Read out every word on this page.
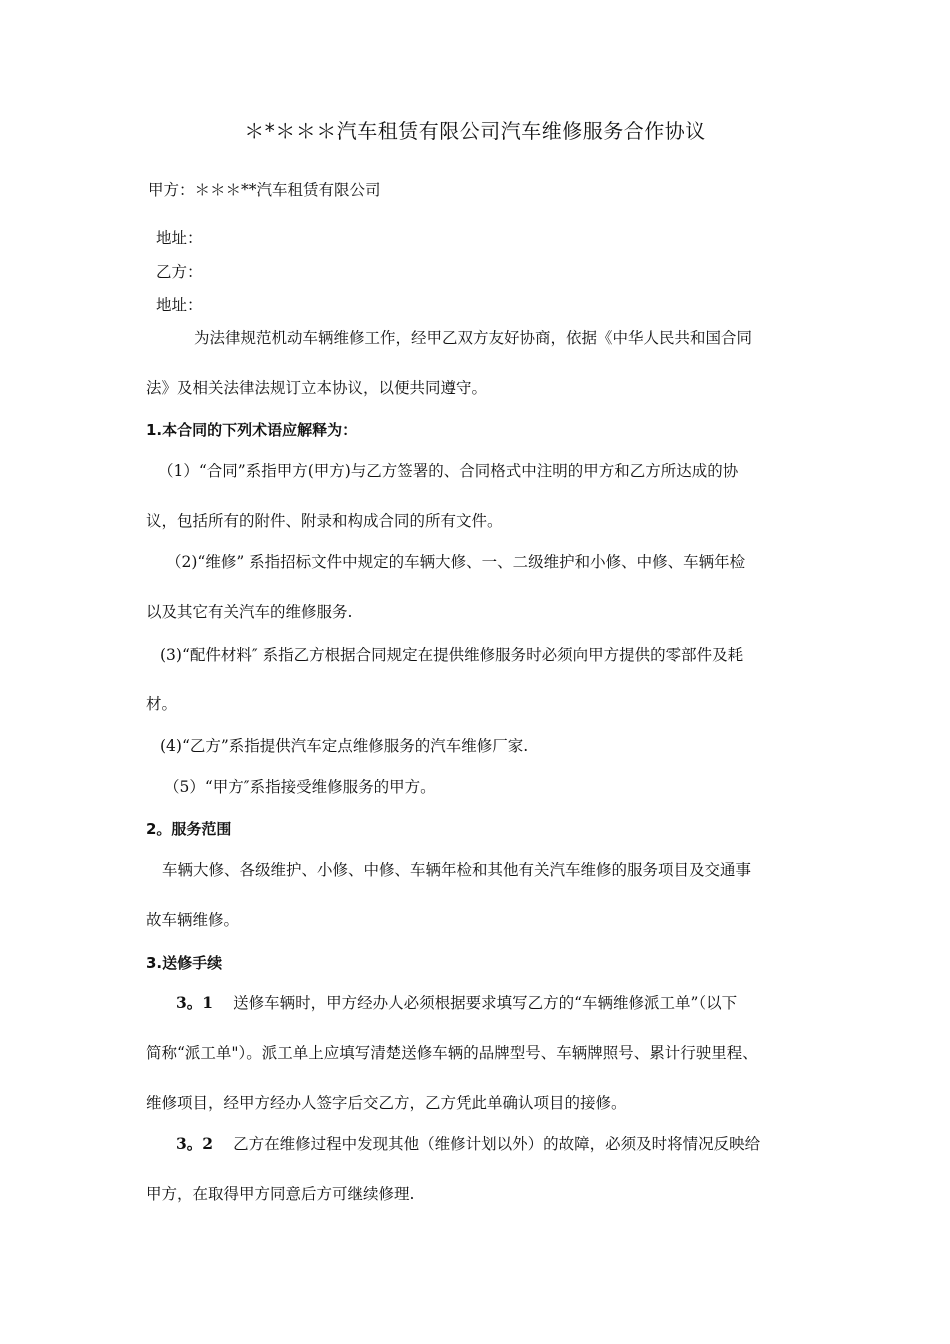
＊*＊＊＊汽车租赁有限公司汽车维修服务合作协议
甲方：＊＊＊**汽车租赁有限公司
地址：
乙方：
地址：
为法律规范机动车辆维修工作，经甲乙双方友好协商，依据《中华人民共和国合同
法》及相关法律法规订立本协议，以便共同遵守。
1.本合同的下列术语应解释为：
（1）“合同”系指甲方(甲方)与乙方签署的、合同格式中注明的甲方和乙方所达成的协
议，包括所有的附件、附录和构成合同的所有文件。
（2)“维修” 系指招标文件中规定的车辆大修、一、二级维护和小修、中修、车辆年检
以及其它有关汽车的维修服务.
(3)“配件材料″ 系指乙方根据合同规定在提供维修服务时必须向甲方提供的零部件及耗
材。
(4)“乙方”系指提供汽车定点维修服务的汽车维修厂家.
（5）“甲方″系指接受维修服务的甲方。
2。服务范围
车辆大修、各级维护、小修、中修、车辆年检和其他有关汽车维修的服务项目及交通事
故车辆维修。
3.送修手续
3。1 送修车辆时，甲方经办人必须根据要求填写乙方的“车辆维修派工单”（以下
简称“派工单"）。派工单上应填写清楚送修车辆的品牌型号、车辆牌照号、累计行驶里程、
维修项目，经甲方经办人签字后交乙方，乙方凭此单确认项目的接修。
3。2 乙方在维修过程中发现其他（维修计划以外）的故障，必须及时将情况反映给
甲方，在取得甲方同意后方可继续修理.
